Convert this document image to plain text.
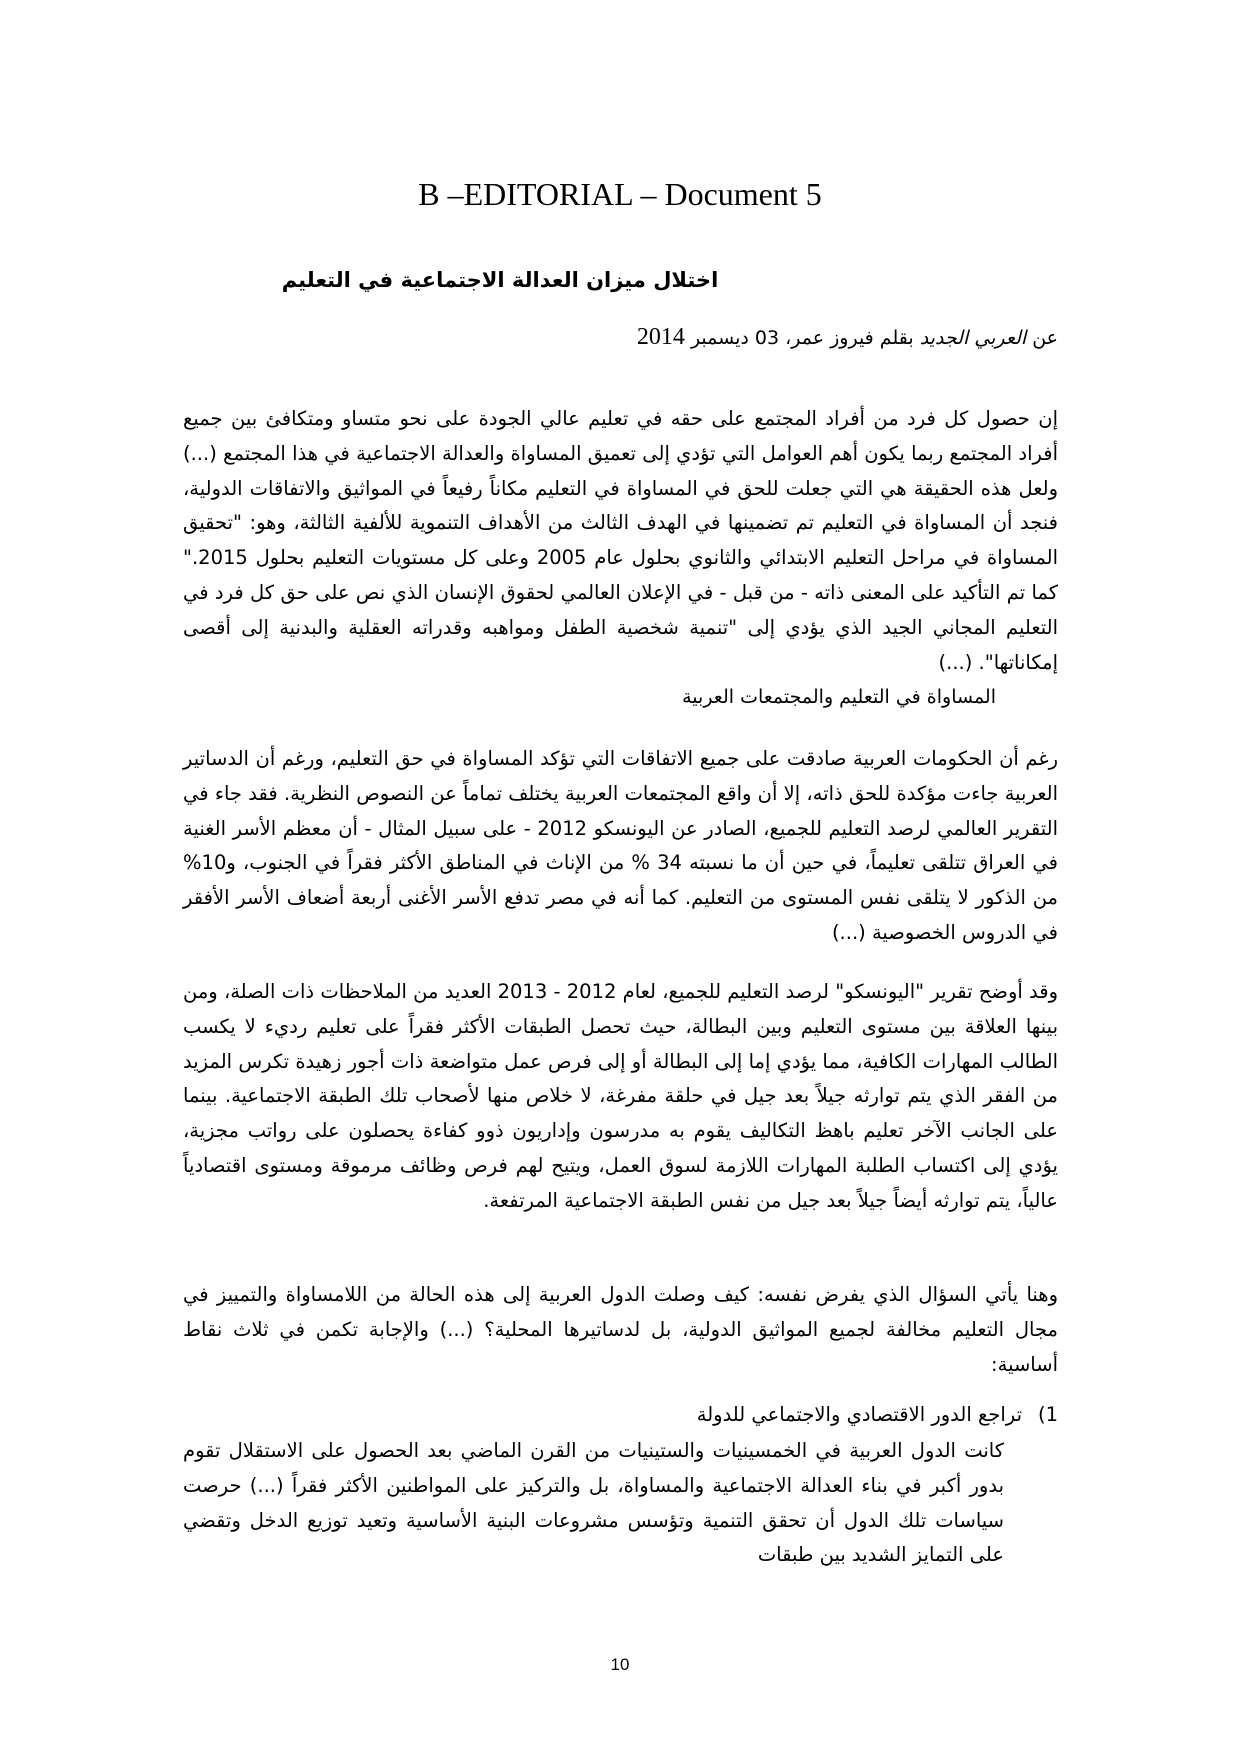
B –EDITORIAL – Document 5
اختلال ميزان العدالة الاجتماعية في التعليم

عن العربي الجديد بقلم فيروز عمر، 03 ديسمبر 2014

إن حصول كل فرد من أفراد المجتمع على حقه في تعليم عالي الجودة على نحو متساو ومتكافئ بين جميع أفراد المجتمع ربما يكون أهم العوامل التي تؤدي إلى تعميق المساواة والعدالة الاجتماعية في هذا المجتمع (...) ولعل هذه الحقيقة هي التي جعلت للحق في المساواة في التعليم مكاناً رفيعاً في المواثيق والاتفاقات الدولية، فنجد أن المساواة في التعليم تم تضمينها في الهدف الثالث من الأهداف التنموية للألفية الثالثة، وهو: "تحقيق المساواة في مراحل التعليم الابتدائي والثانوي بحلول عام 2005 وعلى كل مستويات التعليم بحلول 2015." كما تم التأكيد على المعنى ذاته - من قبل - في الإعلان العالمي لحقوق الإنسان الذي نص على حق كل فرد في التعليم المجاني الجيد الذي يؤدي إلى "تنمية شخصية الطفل ومواهبه وقدراته العقلية والبدنية إلى أقصى إمكاناتها". (...)

المساواة في التعليم والمجتمعات العربية

رغم أن الحكومات العربية صادقت على جميع الاتفاقات التي تؤكد المساواة في حق التعليم، ورغم أن الدساتير العربية جاءت مؤكدة للحق ذاته، إلا أن واقع المجتمعات العربية يختلف تماماً عن النصوص النظرية. فقد جاء في التقرير العالمي لرصد التعليم للجميع، الصادر عن اليونسكو 2012 - على سبيل المثال - أن معظم الأسر الغنية في العراق تتلقى تعليماً، في حين أن ما نسبته 34 % من الإناث في المناطق الأكثر فقراً في الجنوب، و10% من الذكور لا يتلقى نفس المستوى من التعليم. كما أنه في مصر تدفع الأسر الأغنى أربعة أضعاف الأسر الأفقر في الدروس الخصوصية (...)

وقد أوضح تقرير "اليونسكو" لرصد التعليم للجميع، لعام 2012 - 2013 العديد من الملاحظات ذات الصلة، ومن بينها العلاقة بين مستوى التعليم وبين البطالة، حيث تحصل الطبقات الأكثر فقراً على تعليم رديء لا يكسب الطالب المهارات الكافية، مما يؤدي إما إلى البطالة أو إلى فرص عمل متواضعة ذات أجور زهيدة تكرس المزيد من الفقر الذي يتم توارثه جيلاً بعد جيل في حلقة مفرغة، لا خلاص منها لأصحاب تلك الطبقة الاجتماعية. بينما على الجانب الآخر تعليم باهظ التكاليف يقوم به مدرسون وإداريون ذوو كفاءة يحصلون على رواتب مجزية، يؤدي إلى اكتساب الطلبة المهارات اللازمة لسوق العمل، ويتيح لهم فرص وظائف مرموقة ومستوى اقتصادياً عالياً، يتم توارثه أيضاً جيلاً بعد جيل من نفس الطبقة الاجتماعية المرتفعة.

وهنا يأتي السؤال الذي يفرض نفسه: كيف وصلت الدول العربية إلى هذه الحالة من اللامساواة والتمييز في مجال التعليم مخالفة لجميع المواثيق الدولية، بل لدساتيرها المحلية؟ (...) والإجابة تكمن في ثلاث نقاط أساسية:

1)
تراجع الدور الاقتصادي والاجتماعي للدولة

كانت الدول العربية في الخمسينيات والستينيات من القرن الماضي بعد الحصول على الاستقلال تقوم بدور أكبر في بناء العدالة الاجتماعية والمساواة، بل والتركيز على المواطنين الأكثر فقراً (...) حرصت سياسات تلك الدول أن تحقق التنمية وتؤسس مشروعات البنية الأساسية وتعيد توزيع الدخل وتقضي على التمايز الشديد بين طبقات

10
